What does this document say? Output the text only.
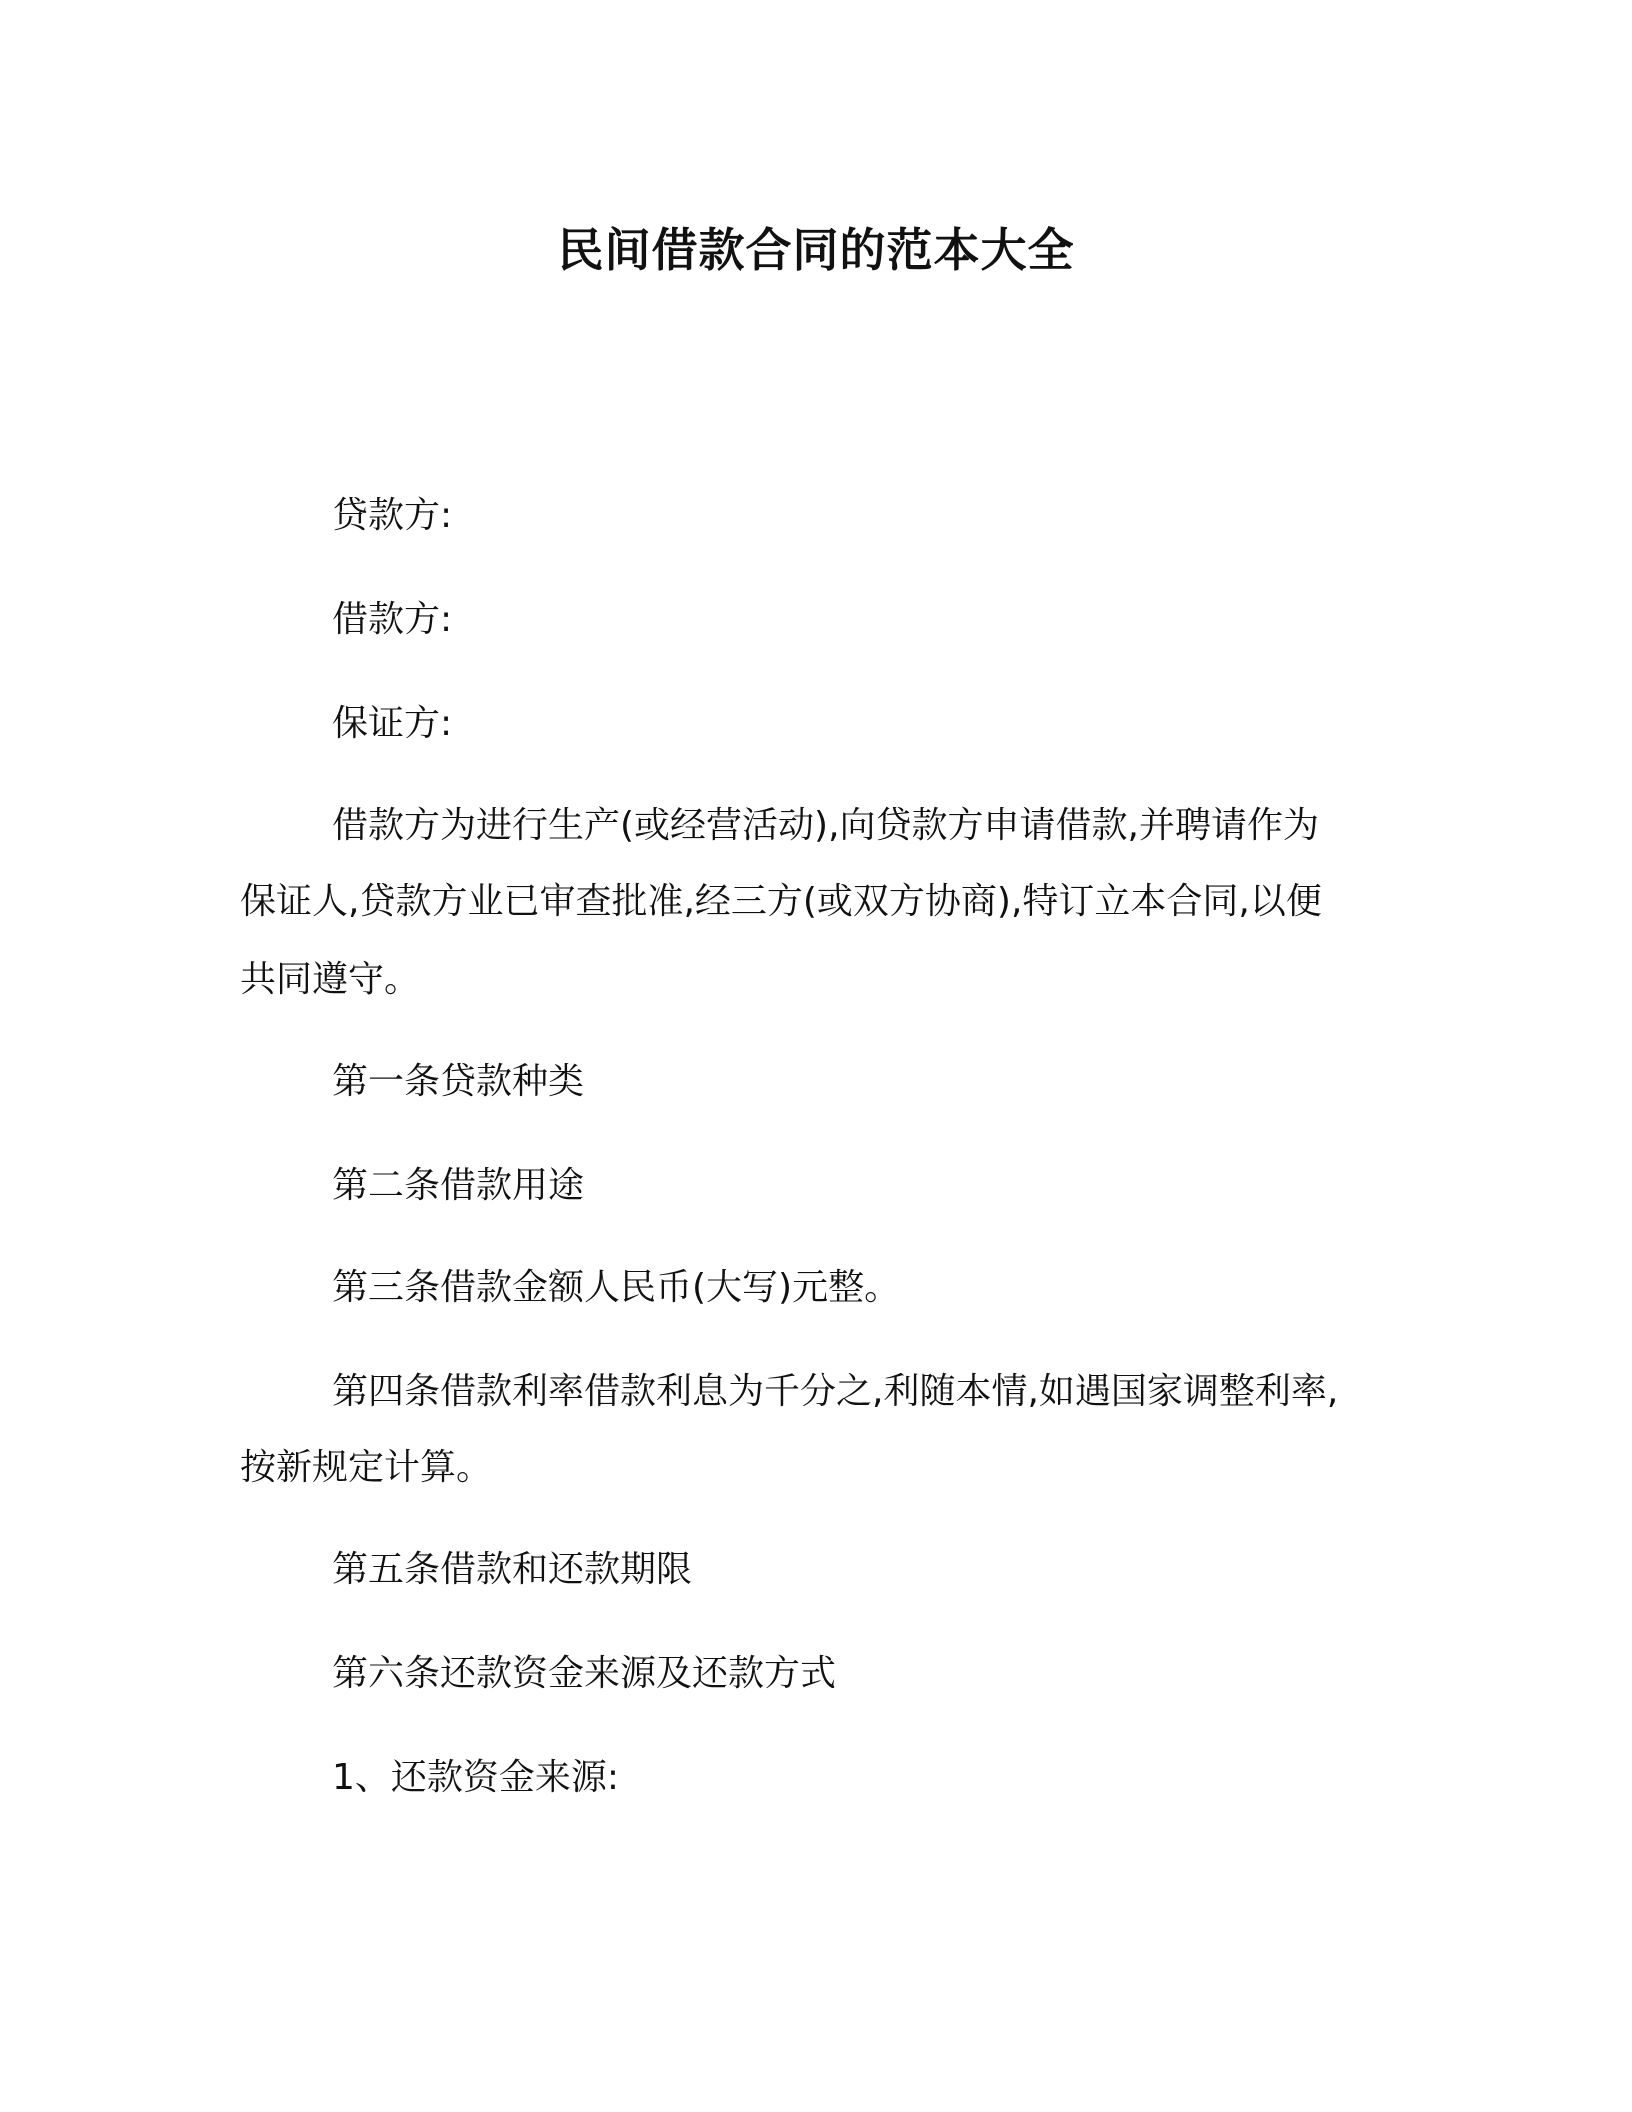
民间借款合同的范本大全
贷款方:
借款方:
保证方:
借款方为进行生产(或经营活动),向贷款方申请借款,并聘请作为
保证人,贷款方业已审查批准,经三方(或双方协商),特订立本合同,以便
共同遵守。
第一条贷款种类
第二条借款用途
第三条借款金额人民币(大写)元整。
第四条借款利率借款利息为千分之,利随本情,如遇国家调整利率,
按新规定计算。
第五条借款和还款期限
第六条还款资金来源及还款方式
1、还款资金来源:
